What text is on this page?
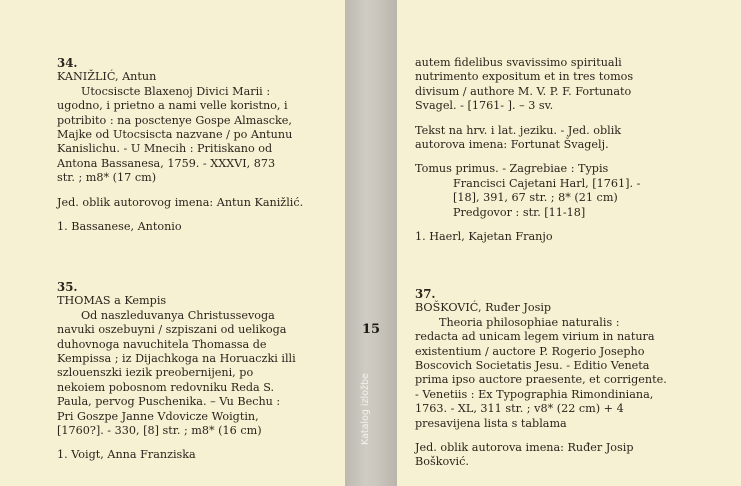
15
Katalog izložbe
34.
KANIŽLIĆ, Antun
Utocsiscte Blaxenoj Divici Marii :
ugodno, i prietno a nami velle koristno, i
potribito : na posctenye Gospe Almascke,
Majke od Utocsiscta nazvane / po Antunu
Kanislichu. - U Mnecih : Pritiskano od
Antona Bassanesa, 1759. - XXXVI, 873
str. ; m8* (17 cm)
Jed. oblik autorovog imena: Antun Kanižlić.
1. Bassanese, Antonio
35.
THOMAS a Kempis
Od naszleduvanya Christussevoga
navuki oszebuyni / szpiszani od uelikoga
duhovnoga navuchitela Thomassa de
Kempissa ; iz Dijachkoga na Horuaczki illi
szlouenszki iezik preobernijeni, po
nekoiem pobosnom redovniku Reda S.
Paula, pervog Puschenika. – Vu Bechu :
Pri Goszpe Janne Vdovicze Woigtin,
[1760?]. - 330, [8] str. ; m8* (16 cm)
1. Voigt, Anna Franziska
autem fidelibus svavissimo spirituali
nutrimento expositum et in tres tomos
divisum / authore M. V. P. F. Fortunato
Svagel. - [1761- ]. – 3 sv.
Tekst na hrv. i lat. jeziku. - Jed. oblik
autorova imena: Fortunat Švagelj.
Tomus primus. - Zagrebiae : Typis
Francisci Cajetani Harl, [1761]. -
[18], 391, 67 str. ; 8* (21 cm)
Predgovor : str. [11-18]
1. Haerl, Kajetan Franjo
37.
BOŠKOVIĆ, Ruđer Josip
Theoria philosophiae naturalis :
redacta ad unicam legem virium in natura
existentium / auctore P. Rogerio Josepho
Boscovich Societatis Jesu. - Editio Veneta
prima ipso auctore praesente, et corrigente.
- Venetiis : Ex Typographia Rimondiniana,
1763. - XL, 311 str. ; v8* (22 cm) + 4
presavijena lista s tablama
Jed. oblik autorova imena: Ruđer Josip
Bošković.
